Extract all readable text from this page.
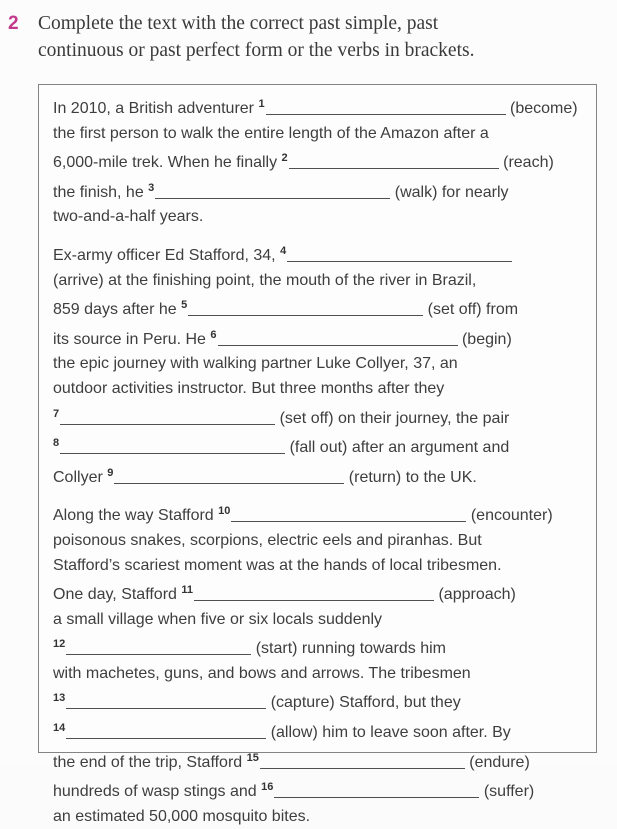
2 Complete the text with the correct past simple, past
continuous or past perfect form or the verbs in brackets.

In 2010, a British adventurer $^1$	(become)
the first person to walk the entire length of the Amazon after a
6,000-mile trek. When he finally $^2$	(reach)
the finish, he $^3$	(walk) for nearly
two-and-a-half years.

Ex-army officer Ed Stafford, 34, $^4$
(arrive) at the finishing point, the mouth of the river in Brazil,
859 days after he $^5$	(set off) from
its source in Peru. He $^6$	(begin)
the epic journey with walking partner Luke Collyer, 37, an
outdoor activities instructor. But three months after they
$^7$	(set off) on their journey, the pair
$^8$	(fall out) after an argument and
Collyer $^9$	(return) to the UK.

Along the way Stafford $^{10}$	(encounter)
poisonous snakes, scorpions, electric eels and piranhas. But
Stafford’s scariest moment was at the hands of local tribesmen.
One day, Stafford $^{11}$	(approach)
a small village when five or six locals suddenly
$^{12}$	(start) running towards him
with machetes, guns, and bows and arrows. The tribesmen
$^{13}$	(capture) Stafford, but they
$^{14}$	(allow) him to leave soon after. By
the end of the trip, Stafford $^{15}$	(endure)
hundreds of wasp stings and $^{16}$	(suffer)
an estimated 50,000 mosquito bites.
